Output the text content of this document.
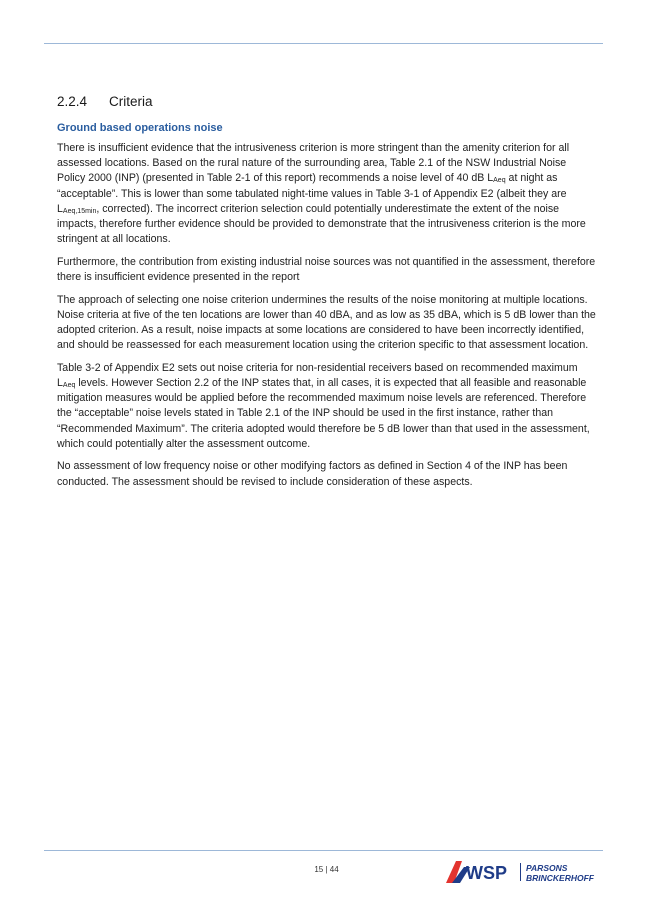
2.2.4 Criteria
Ground based operations noise

There is insufficient evidence that the intrusiveness criterion is more stringent than the amenity criterion for all assessed locations. Based on the rural nature of the surrounding area, Table 2.1 of the NSW Industrial Noise Policy 2000 (INP) (presented in Table 2-1 of this report) recommends a noise level of 40 dB $L_{Aeq}$ at night as “acceptable”. This is lower than some tabulated night-time values in Table 3-1 of Appendix E2 (albeit they are $L_{Aeq,15min}$, corrected). The incorrect criterion selection could potentially underestimate the extent of the noise impacts, therefore further evidence should be provided to demonstrate that the intrusiveness criterion is the more stringent at all locations.

Furthermore, the contribution from existing industrial noise sources was not quantified in the assessment, therefore there is insufficient evidence presented in the report

The approach of selecting one noise criterion undermines the results of the noise monitoring at multiple locations. Noise criteria at five of the ten locations are lower than 40 dBA, and as low as 35 dBA, which is 5 dB lower than the adopted criterion. As a result, noise impacts at some locations are considered to have been incorrectly identified, and should be reassessed for each measurement location using the criterion specific to that assessment location.

Table 3-2 of Appendix E2 sets out noise criteria for non-residential receivers based on recommended maximum $L_{Aeq}$ levels. However Section 2.2 of the INP states that, in all cases, it is expected that all feasible and reasonable mitigation measures would be applied before the recommended maximum noise levels are referenced. Therefore the “acceptable” noise levels stated in Table 2.1 of the INP should be used in the first instance, rather than “Recommended Maximum”. The criteria adopted would therefore be 5 dB lower than that used in the assessment, which could potentially alter the assessment outcome.

No assessment of low frequency noise or other modifying factors as defined in Section 4 of the INP has been conducted. The assessment should be revised to include consideration of these aspects.

15 | 44	WSP PARSONS
BRINCKERHOFF
